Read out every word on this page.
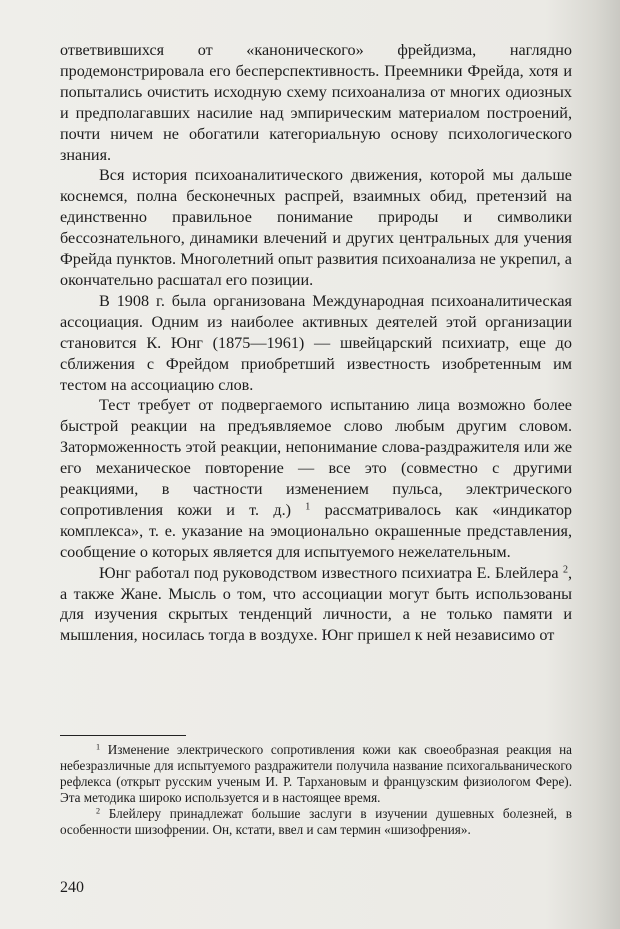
ответвившихся от «канонического» фрейдизма, наглядно продемонстрировала его бесперспективность. Преемники Фрейда, хотя и попытались очистить исходную схему психоанализа от многих одиозных и предполагавших насилие над эмпирическим материалом построений, почти ничем не обогатили категориальную основу психологического знания.

Вся история психоаналитического движения, которой мы дальше коснемся, полна бесконечных распрей, взаимных обид, претензий на единственно правильное понимание природы и символики бессознательного, динамики влечений и других центральных для учения Фрейда пунктов. Многолетний опыт развития психоанализа не укрепил, а окончательно расшатал его позиции.

В 1908 г. была организована Международная психоаналитическая ассоциация. Одним из наиболее активных деятелей этой организации становится К. Юнг (1875—1961) — швейцарский психиатр, еще до сближения с Фрейдом приобретший известность изобретенным им тестом на ассоциацию слов.

Тест требует от подвергаемого испытанию лица возможно более быстрой реакции на предъявляемое слово любым другим словом. Заторможенность этой реакции, непонимание слова-раздражителя или же его механическое повторение — все это (совместно с другими реакциями, в частности изменением пульса, электрического сопротивления кожи и т. д.) $^1$ рассматривалось как «индикатор комплекса», т. е. указание на эмоционально окрашенные представления, сообщение о которых является для испытуемого нежелательным.

Юнг работал под руководством известного психиатра Е. Блейлера $^2$, а также Жане. Мысль о том, что ассоциации могут быть использованы для изучения скрытых тенденций личности, а не только памяти и мышления, носилась тогда в воздухе. Юнг пришел к ней независимо от

$^1$ Изменение электрического сопротивления кожи как своеобразная реакция на небезразличные для испытуемого раздражители получила название психогальванического рефлекса (открыт русским ученым И. Р. Тархановым и французским физиологом Фере). Эта методика широко используется и в настоящее время.

$^2$ Блейлеру принадлежат большие заслуги в изучении душевных болезней, в особенности шизофрении. Он, кстати, ввел и сам термин «шизофрения».

240
